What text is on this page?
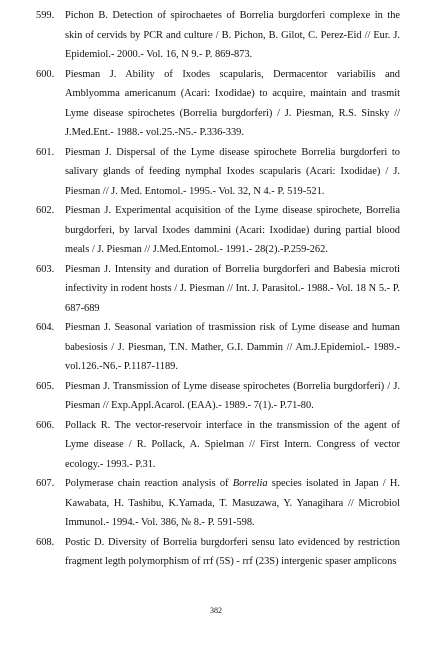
599. Pichon B. Detection of spirochaetes of Borrelia burgdorferi complexe in the skin of cervids by PCR and culture / B. Pichon, B. Gilot, C. Perez-Eid // Eur. J. Epidemiol.- 2000.- Vol. 16, N 9.- P. 869-873.
600. Piesman J. Ability of Ixodes scapularis, Dermacentor variabilis and Amblyomma americanum (Acari: Ixodidae) to acquire, maintain and trasmit Lyme disease spirochetes (Borrelia burgdorferi) / J. Piesman, R.S. Sinsky // J.Med.Ent.- 1988.- vol.25.-N5.- P.336-339.
601. Piesman J. Dispersal of the Lyme disease spirochete Borrelia burgdorferi to salivary glands of feeding nymphal Ixodes scapularis (Acari: Ixodidae) / J. Piesman // J. Med. Entomol.- 1995.- Vol. 32, N 4.- P. 519-521.
602. Piesman J. Experimental acquisition of the Lyme disease spirochete, Borrelia burgdorferi, by larval Ixodes dammini (Acari: Ixodidae) during partial blood meals / J. Piesman // J.Med.Entomol.- 1991.- 28(2).-P.259-262.
603. Piesman J. Intensity and duration of Borrelia burgdorferi and Babesia microti infectivity in rodent hosts / J. Piesman // Int. J. Parasitol.- 1988.- Vol. 18 N 5.- P. 687-689
604. Piesman J. Seasonal variation of trasmission risk of Lyme disease and human babesiosis / J. Piesman, T.N. Mather, G.I. Dammin // Am.J.Epidemiol.- 1989.- vol.126.-N6.- P.1187-1189.
605. Piesman J. Transmission of Lyme disease spirochetes (Borrelia burgdorferi) / J. Piesman // Exp.Appl.Acarol. (EAA).- 1989.- 7(1).- P.71-80.
606. Pollack R. The vector-reservoir interface in the transmission of the agent of Lyme disease / R. Pollack, A. Spielman // First Intern. Congress of vector ecology.- 1993.- P.31.
607. Polymerase chain reaction analysis of Borrelia species isolated in Japan / H. Kawabata, H. Tashibu, K.Yamada, T. Masuzawa, Y. Yanagihara // Microbiol Immunol.- 1994.- Vol. 386, № 8.- P. 591-598.
608. Postic D. Diversity of Borrelia burgdorferi sensu lato evidenced by restriction fragment legth polymorphism of rrf (5S) - rrf (23S) intergenic spaser amplicons
382
